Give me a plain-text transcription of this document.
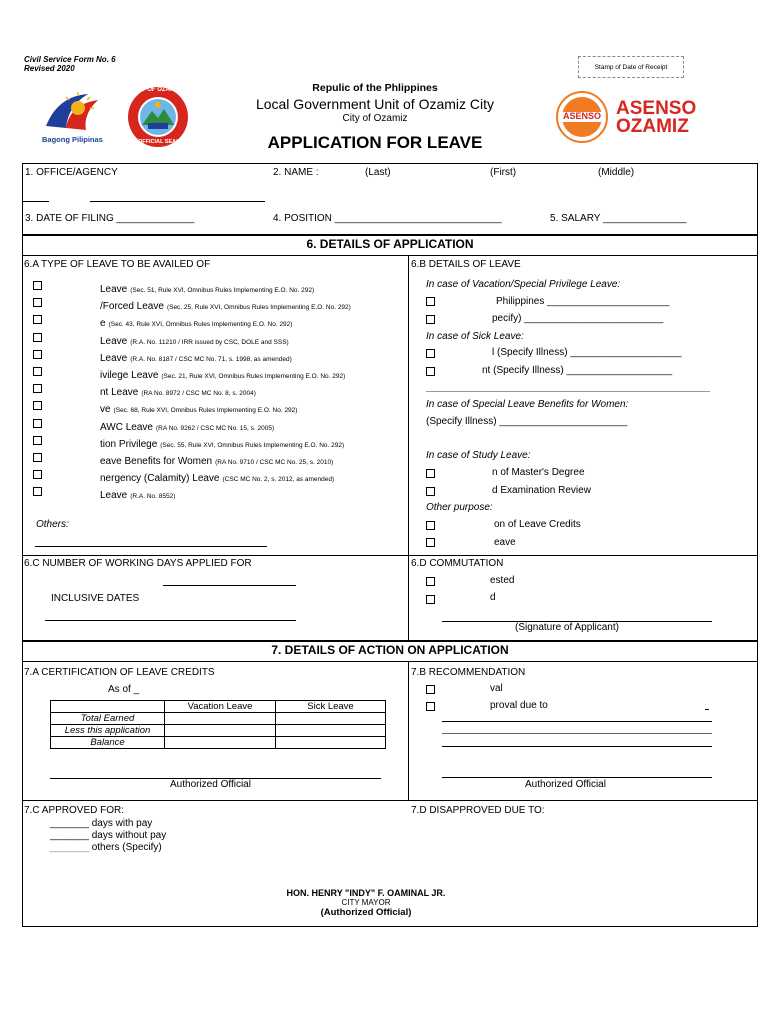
Civil Service Form No. 6
Revised 2020	Stamp of Date of Receipt
Bagong Pilipinas
CITY OF OZAMIZ
OFFICIAL SEAL
Repulic of the Phlippines
Local Government Unit of Ozamiz City
City of Ozamiz
APPLICATION FOR LEAVE
ASENSO ASENSO
OZAMIZ
1. OFFICE/AGENCY	2. NAME :	(Last)	(First)	(Middle)
3. DATE OF FILING ______________	4. POSITION ______________________________	5. SALARY _______________
6. DETAILS OF APPLICATION
6.A TYPE OF LEAVE TO BE AVAILED OF
Leave (Sec. 51, Rule XVI, Omnibus Rules Implementing E.O. No. 292)
/Forced Leave (Sec. 25, Rule XVI, Omnibus Rules Implementing E.O. No. 292)
e (Sec. 43, Rule XVI, Omnibus Rules Implementing E.O. No. 292)
Leave (R.A. No. 11210 / IRR issued by CSC, DOLE and SSS)
Leave (R.A. No. 8187 / CSC MC No. 71, s. 1998, as amended)
ivilege Leave (Sec. 21, Rule XVI, Omnibus Rules Implementing E.O. No. 292)
nt Leave (RA No. 8972 / CSC MC No. 8, s. 2004)
ve (Sec. 68, Rule XVI, Omnibus Rules Implementing E.O. No. 292)
AWC Leave (RA No. 9262 / CSC MC No. 15, s. 2005)
tion Privilege (Sec. 55, Rule XVI, Omnibus Rules Implementing E.O. No. 292)
eave Benefits for Women (RA No. 9710 / CSC MC No. 25, s. 2010)
nergency (Calamity) Leave (CSC MC No. 2, s. 2012, as amended)
Leave (R.A. No. 8552)
Others:
6.B DETAILS OF LEAVE
In case of Vacation/Special Privilege Leave:
Philippines ______________________
pecify) _________________________
In case of Sick Leave:
l (Specify Illness) ____________________
nt (Specify Illness) ___________________
In case of Special Leave Benefits for Women:
(Specify Illness) _______________________
In case of Study Leave:
n of Master's Degree
d Examination Review
Other purpose:
on of Leave Credits
eave
6.C NUMBER OF WORKING DAYS APPLIED FOR
INCLUSIVE DATES
6.D COMMUTATION
ested
d
(Signature of Applicant)
7. DETAILS OF ACTION ON APPLICATION
7.A CERTIFICATION OF LEAVE CREDITS
As of _
	Vacation Leave	Sick Leave
Total Earned		
Less this application		
Balance		
Authorized Official
7.B RECOMMENDATION
val
proval due to
Authorized Official
7.C APPROVED FOR:
_______ days with pay
_______ days without pay
_______ others (Specify)
7.D DISAPPROVED DUE TO:
HON. HENRY "INDY" F. OAMINAL JR.
CITY MAYOR
(Authorized Official)
